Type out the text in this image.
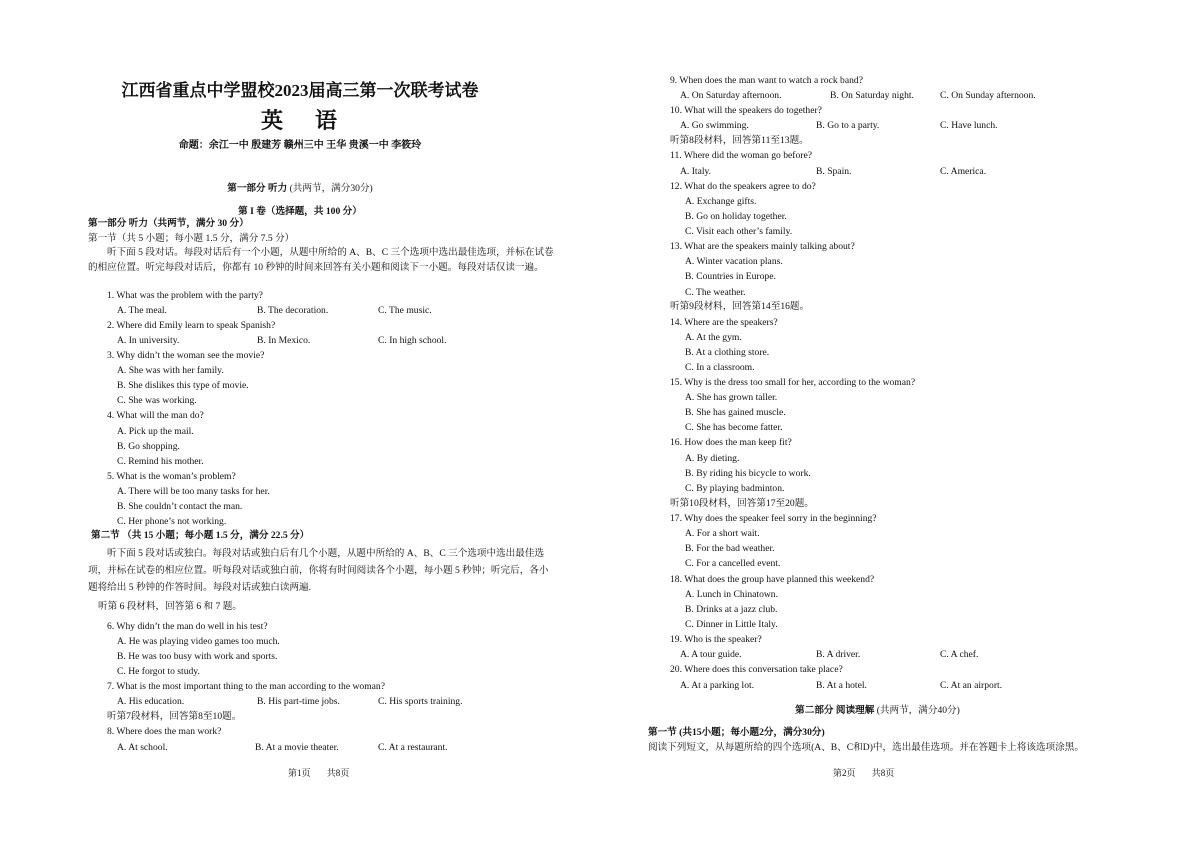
江西省重点中学盟校2023届高三第一次联考试卷
英    语
命题：余江一中 殷建芳 赣州三中 王华 贵溪一中 李筱玲
第一部分 听力 (共两节，满分30分)
第 I 卷（选择题，共 100 分）
第一部分 听力（共两节，满分 30 分）
第一节（共 5 小题；每小题 1.5 分，满分 7.5 分）
听下面 5 段对话。每段对话后有一个小题，从题中所给的 A、B、C 三个选项中选出最佳选项，并标在试卷的相应位置。听完每段对话后，你都有 10 秒钟的时间来回答有关小题和阅读下一小题。每段对话仅读一遍。
1. What was the problem with the party?
A. The meal.	B. The decoration.	C. The music.
2. Where did Emily learn to speak Spanish?
A. In university.	B. In Mexico.	C. In high school.
3. Why didn’t the woman see the movie?
A. She was with her family.
B. She dislikes this type of movie.
C. She was working.
4. What will the man do?
A. Pick up the mail.
B. Go shopping.
C. Remind his mother.
5. What is the woman’s problem?
A. There will be too many tasks for her.
B. She couldn’t contact the man.
C. Her phone’s not working.
第二节 （共 15 小题；每小题 1.5 分，满分 22.5 分）
听下面 5 段对话或独白。每段对话或独白后有几个小题，从题中所给的 A、B、C 三个选项中选出最佳选项，并标在试卷的相应位置。听每段对话或独白前，你将有时间阅读各个小题，每小题 5 秒钟；听完后，各小题将给出 5 秒钟的作答时间。每段对话或独白读两遍.
听第 6 段材料，回答第 6 和 7 题。
6. Why didn’t the man do well in his test?
A. He was playing video games too much.
B. He was too busy with work and sports.
C. He forgot to study.
7. What is the most important thing to the man according to the woman?
A. His education.	B. His part-time jobs.	C. His sports training.
听第7段材料，回答第8至10题。
8. Where does the man work?
A. At school.	B. At a movie theater.	C. At a restaurant.
第1页 共8页
9. When does the man want to watch a rock band?
A. On Saturday afternoon.	B. On Saturday night.	C. On Sunday afternoon.
10. What will the speakers do together?
A. Go swimming.	B. Go to a party.	C. Have lunch.
听第8段材料，回答第11至13题。
11. Where did the woman go before?
A. Italy.	B. Spain.	C. America.
12. What do the speakers agree to do?
A. Exchange gifts.
B. Go on holiday together.
C. Visit each other’s family.
13. What are the speakers mainly talking about?
A. Winter vacation plans.
B. Countries in Europe.
C. The weather.
听第9段材料，回答第14至16题。
14. Where are the speakers?
A. At the gym.
B. At a clothing store.
C. In a classroom.
15. Why is the dress too small for her, according to the woman?
A. She has grown taller.
B. She has gained muscle.
C. She has become fatter.
16. How does the man keep fit?
A. By dieting.
B. By riding his bicycle to work.
C. By playing badminton.
听第10段材料，回答第17至20题。
17. Why does the speaker feel sorry in the beginning?
A. For a short wait.
B. For the bad weather.
C. For a cancelled event.
18. What does the group have planned this weekend?
A. Lunch in Chinatown.
B. Drinks at a jazz club.
C. Dinner in Little Italy.
19. Who is the speaker?
A. A tour guide.	B. A driver.	C. A chef.
20. Where does this conversation take place?
A. At a parking lot.	B. At a hotel.	C. At an airport.
第二部分 阅读理解 (共两节，满分40分)
第一节 (共15小题；每小题2分，满分30分)
阅读下列短文，从每题所给的四个选项(A、B、C和D)中，选出最佳选项。并在答题卡上将该选项涂黑。
第2页 共8页
